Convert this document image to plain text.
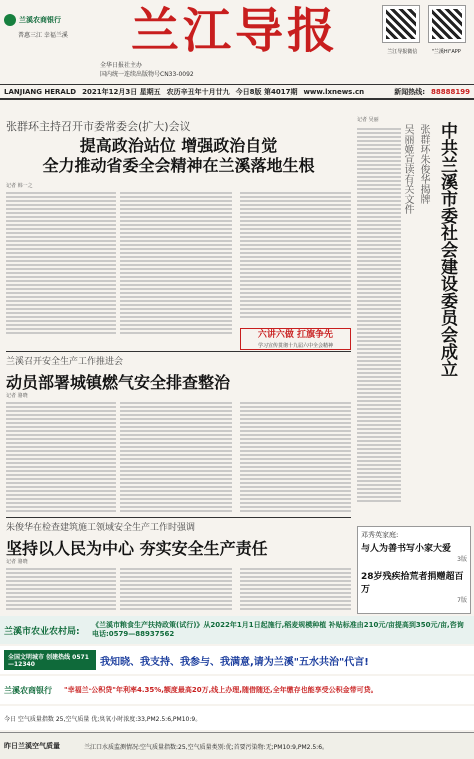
兰溪农商银行
普惠三江 幸福兰溪	兰江导报
	兰江导报微信	"兰溪Hi"APP
全华日报社主办
国内统一连续出版物号CN33-0092
LANJIANG HERALD 2021年12月3日 星期五 农历辛丑年十月廿九 今日8版 第4017期 www.lxnews.cn	新闻热线: 88888199
张群环主持召开市委常委会(扩大)会议
提高政治站位 增强政治自觉
全力推动省委全会精神在兰溪落地生根
记者 韩一之
六讲六做 扛旗争先
学习宣传贯彻十九届六中全会精神
兰溪召开安全生产工作推进会
动员部署城镇燃气安全排查整治
记者 骆晓
朱俊华在检查建筑施工领域安全生产工作时强调
坚持以人民为中心 夯实安全生产责任
记者 骆晓
中共兰溪市委社会建设委员会成立
张群环朱俊华揭牌
吴丽姬宣读有关文件
记者 吴丽
邓秀英家庭:
与人为善书写小家大爱
3版
28岁残疾拾荒者捐赠超百万
7版
兰溪市农业农村局:
《兰溪市粮食生产扶持政策(试行)》从2022年1月1日起施行,稻麦规模种植 补贴标准由210元/亩提高到350元/亩,咨询电话:0579—88937562
全国文明城市 创建热线 0571—12340	我知晓、我支持、我参与、我满意,请为兰溪"五水共治"代言!
兰溪农商银行	"幸福兰·公积贷"年利率4.35%,额度最高20万,线上办理,随借随还,全年缴存也能享受公积金带可贷。
今日 空气质量指数 25,空气质量 优;臭氧小时浓度:33,PM2.5:6,PM10:9。
昨日兰溪空气质量	兰江口水质监测情况:空气质量指数:25,空气质量类别:优;首要污染物:无;PM10:9,PM2.5:6。
